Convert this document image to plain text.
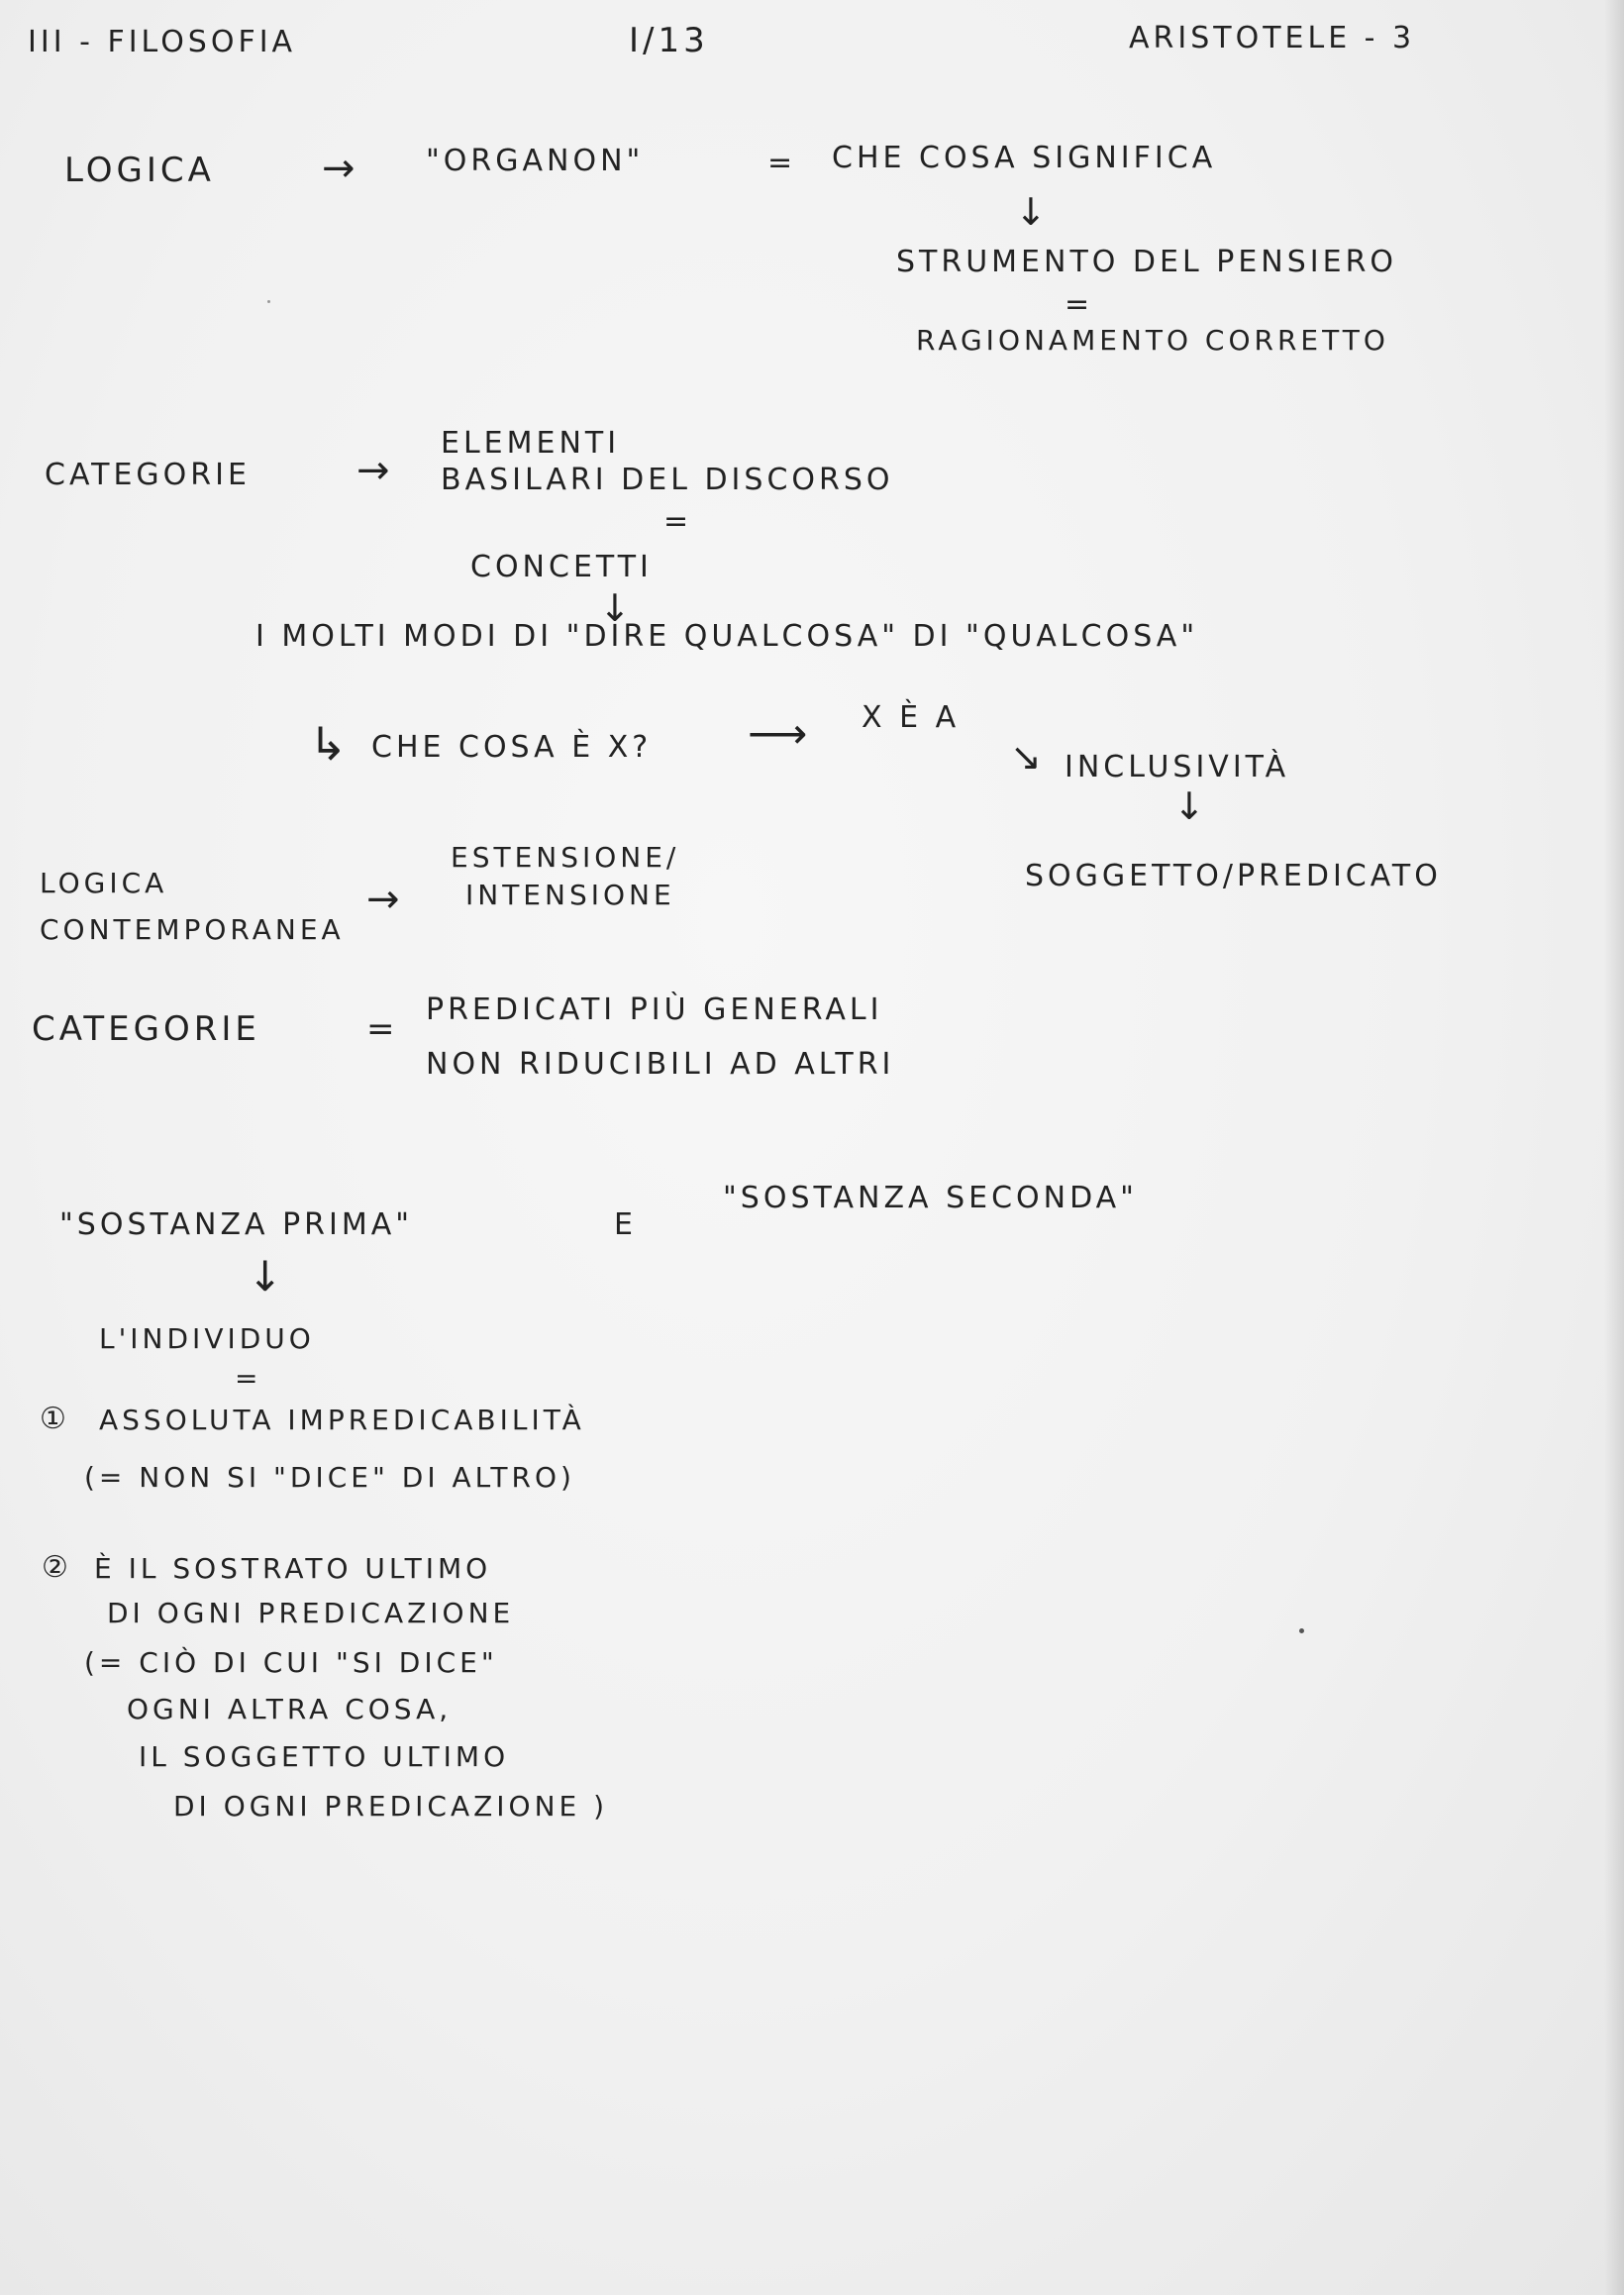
III - FILOSOFIA	I/13	ARISTOTELE - 3
LOGICA	→ "ORGANON"	= CHE COSA SIGNIFICA
↓
STRUMENTO DEL PENSIERO
=
RAGIONAMENTO CORRETTO
CATEGORIE	→
ELEMENTI
BASILARI DEL DISCORSO
=
CONCETTI
↓
I MOLTI MODI DI "DIRE QUALCOSA" DI "QUALCOSA"
↳ CHE COSA È X? ⟶ X È A
↘ INCLUSIVITÀ
↓
SOGGETTO/PREDICATO
LOGICA
CONTEMPORANEA
→
ESTENSIONE/
INTENSIONE
CATEGORIE	= PREDICATI PIÙ GENERALI
NON RIDUCIBILI AD ALTRI
"SOSTANZA PRIMA"	E
"SOSTANZA SECONDA"
↓
L'INDIVIDUO
=
① ASSOLUTA IMPREDICABILITÀ
(= NON SI "DICE" DI ALTRO)
② È IL SOSTRATO ULTIMO
DI OGNI PREDICAZIONE
(= CIÒ DI CUI "SI DICE"
OGNI ALTRA COSA,
IL SOGGETTO ULTIMO
DI OGNI PREDICAZIONE )
